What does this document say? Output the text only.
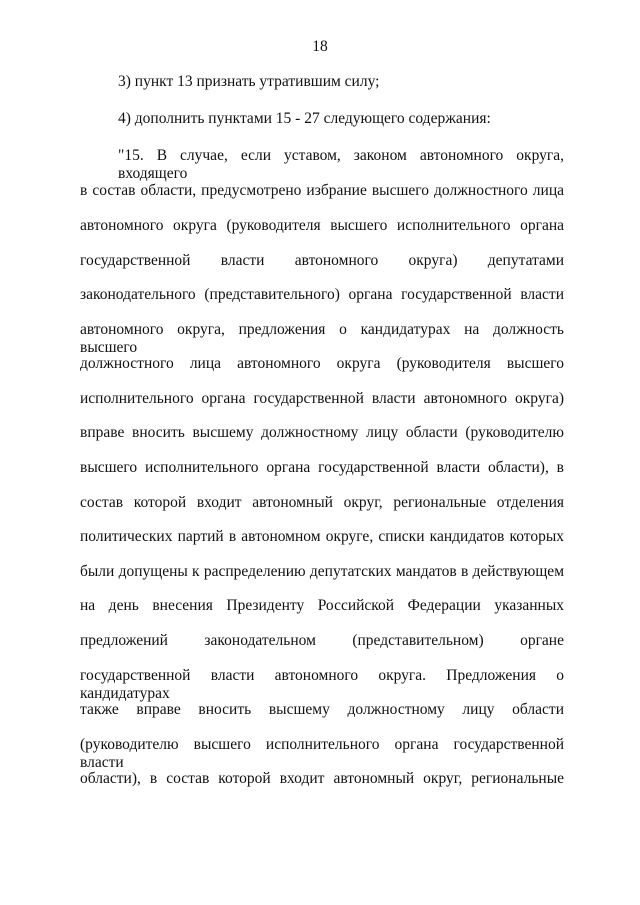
18
3) пункт 13 признать утратившим силу;
4) дополнить пунктами 15 - 27 следующего содержания:
"15. В случае, если уставом, законом автономного округа, входящего
в состав области, предусмотрено избрание высшего должностного лица
автономного округа (руководителя высшего исполнительного органа
государственной власти автономного округа) депутатами
законодательного (представительного) органа государственной власти
автономного округа, предложения о кандидатурах на должность высшего
должностного лица автономного округа (руководителя высшего
исполнительного органа государственной власти автономного округа)
вправе вносить высшему должностному лицу области (руководителю
высшего исполнительного органа государственной власти области), в
состав которой входит автономный округ, региональные отделения
политических партий в автономном округе, списки кандидатов которых
были допущены к распределению депутатских мандатов в действующем
на день внесения Президенту Российской Федерации указанных
предложений законодательном (представительном) органе
государственной власти автономного округа. Предложения о кандидатурах
также вправе вносить высшему должностному лицу области
(руководителю высшего исполнительного органа государственной власти
области), в состав которой входит автономный округ, региональные
